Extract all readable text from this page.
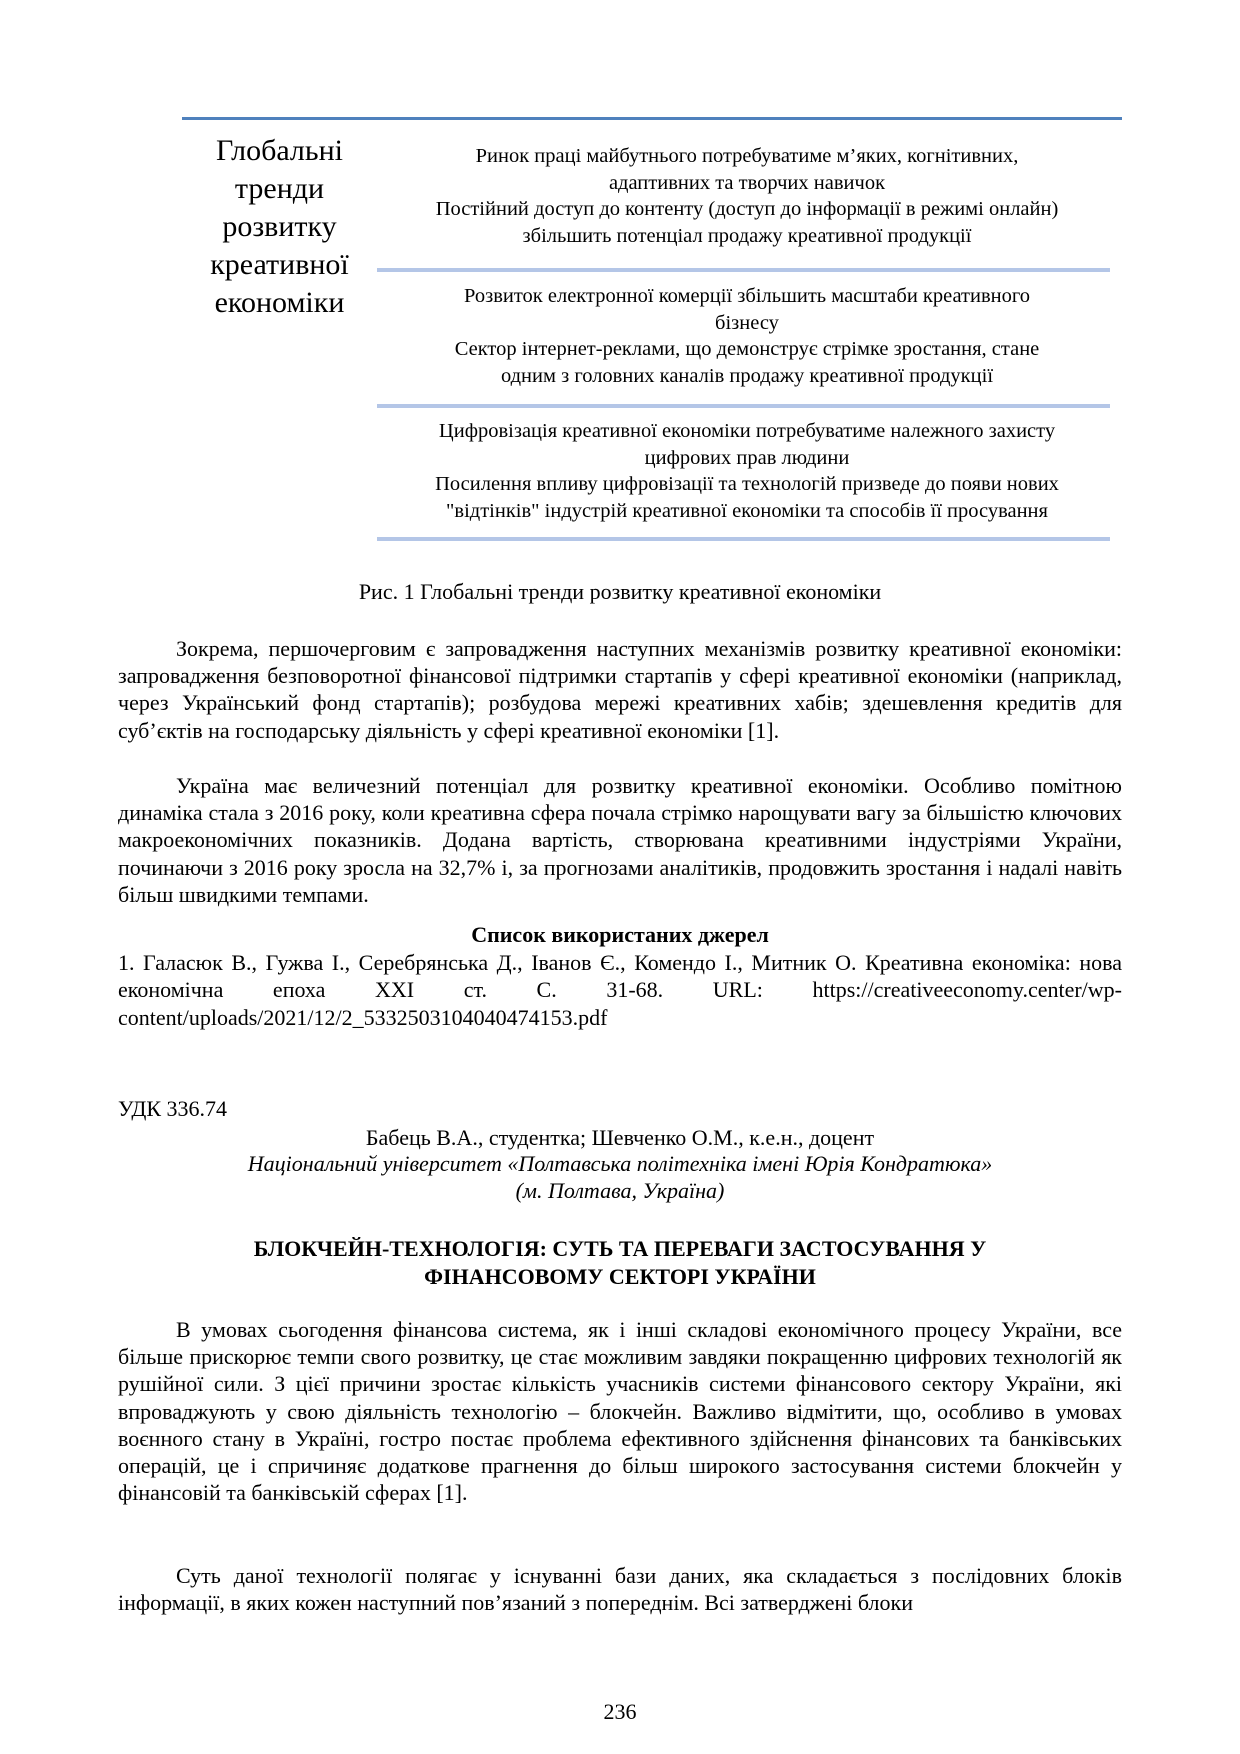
Глобальні
тренди
розвитку
креативної
економіки
Ринок праці майбутнього потребуватиме м’яких, когнітивних,
адаптивних та творчих навичок
Постійний доступ до контенту (доступ до інформації в режимі онлайн)
збільшить потенціал продажу креативної продукції
Розвиток електронної комерції збільшить масштаби креативного
бізнесу
Сектор інтернет-реклами, що демонструє стрімке зростання, стане
одним з головних каналів продажу креативної продукції
Цифровізація креативної економіки потребуватиме належного захисту
цифрових прав людини
Посилення впливу цифровізації та технологій призведе до появи нових
"відтінків" індустрій креативної економіки та способів її просування
Рис. 1 Глобальні тренди розвитку креативної економіки

Зокрема, першочерговим є запровадження наступних механізмів розвитку креативної економіки: запровадження безповоротної фінансової підтримки стартапів у сфері креативної економіки (наприклад, через Український фонд стартапів); розбудова мережі креативних хабів; здешевлення кредитів для суб’єктів на господарську діяльність у сфері креативної економіки [1].

Україна має величезний потенціал для розвитку креативної економіки. Особливо помітною динаміка стала з 2016 року, коли креативна сфера почала стрімко нарощувати вагу за більшістю ключових макроекономічних показників. Додана вартість, створювана креативними індустріями України, починаючи з 2016 року зросла на 32,7% і, за прогнозами аналітиків, продовжить зростання і надалі навіть більш швидкими темпами.

Список використаних джерел

1. Галасюк В., Гужва І., Серебрянська Д., Іванов Є., Комендо І., Митник О. Креативна економіка: нова економічна епоха XXI ст. С. 31-68. URL: https://creativeeconomy.center/wp-content/uploads/2021/12/2_5332503104040474153.pdf

УДК 336.74
Бабець В.А., студентка; Шевченко О.М., к.е.н., доцент
Національний університет «Полтавська політехніка імені Юрія Кондратюка»
(м. Полтава, Україна)
БЛОКЧЕЙН-ТЕХНОЛОГІЯ: СУТЬ ТА ПЕРЕВАГИ ЗАСТОСУВАННЯ У
ФІНАНСОВОМУ СЕКТОРІ УКРАЇНИ

В умовах сьогодення фінансова система, як і інші складові економічного процесу України, все більше прискорює темпи свого розвитку, це стає можливим завдяки покращенню цифрових технологій як рушійної сили. З цієї причини зростає кількість учасників системи фінансового сектору України, які впроваджують у свою діяльність технологію – блокчейн. Важливо відмітити, що, особливо в умовах воєнного стану в Україні, гостро постає проблема ефективного здійснення фінансових та банківських операцій, це і спричиняє додаткове прагнення до більш широкого застосування системи блокчейн у фінансовій та банківській сферах [1].

Суть даної технології полягає у існуванні бази даних, яка складається з послідовних блоків інформації, в яких кожен наступний пов’язаний з попереднім. Всі затверджені блоки

236
